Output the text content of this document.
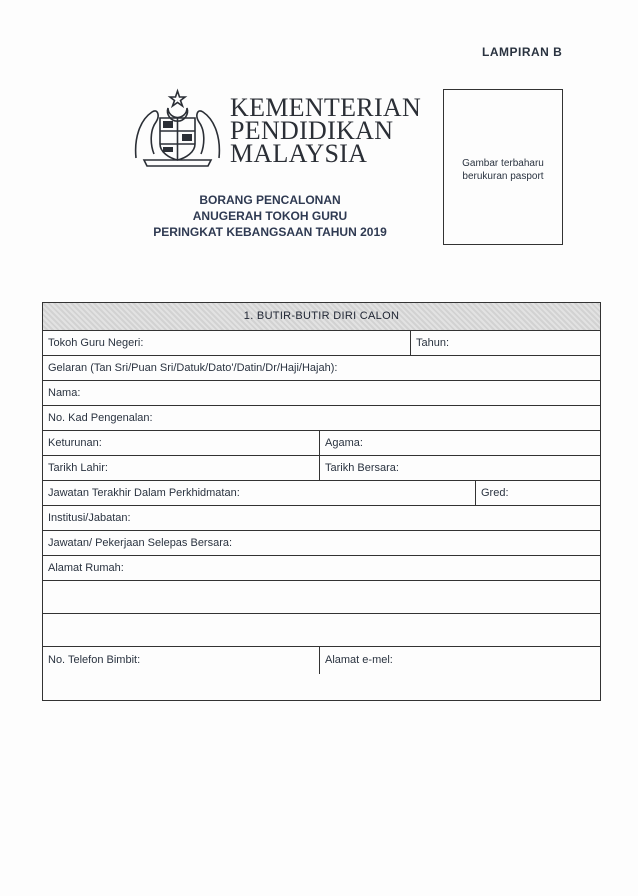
LAMPIRAN B
KEMENTERIAN
PENDIDIKAN
MALAYSIA
BORANG PENCALONAN
ANUGERAH TOKOH GURU
PERINGKAT KEBANGSAAN TAHUN 2019
Gambar terbaharu
berukuran pasport
1. BUTIR-BUTIR DIRI CALON
Tokoh Guru Negeri:	Tahun:
Gelaran (Tan Sri/Puan Sri/Datuk/Dato'/Datin/Dr/Haji/Hajah):
Nama:
No. Kad Pengenalan:
Keturunan:	Agama:
Tarikh Lahir:	Tarikh Bersara:
Jawatan Terakhir Dalam Perkhidmatan:	Gred:
Institusi/Jabatan:
Jawatan/ Pekerjaan Selepas Bersara:
Alamat Rumah:
No. Telefon Bimbit:	Alamat e-mel:
